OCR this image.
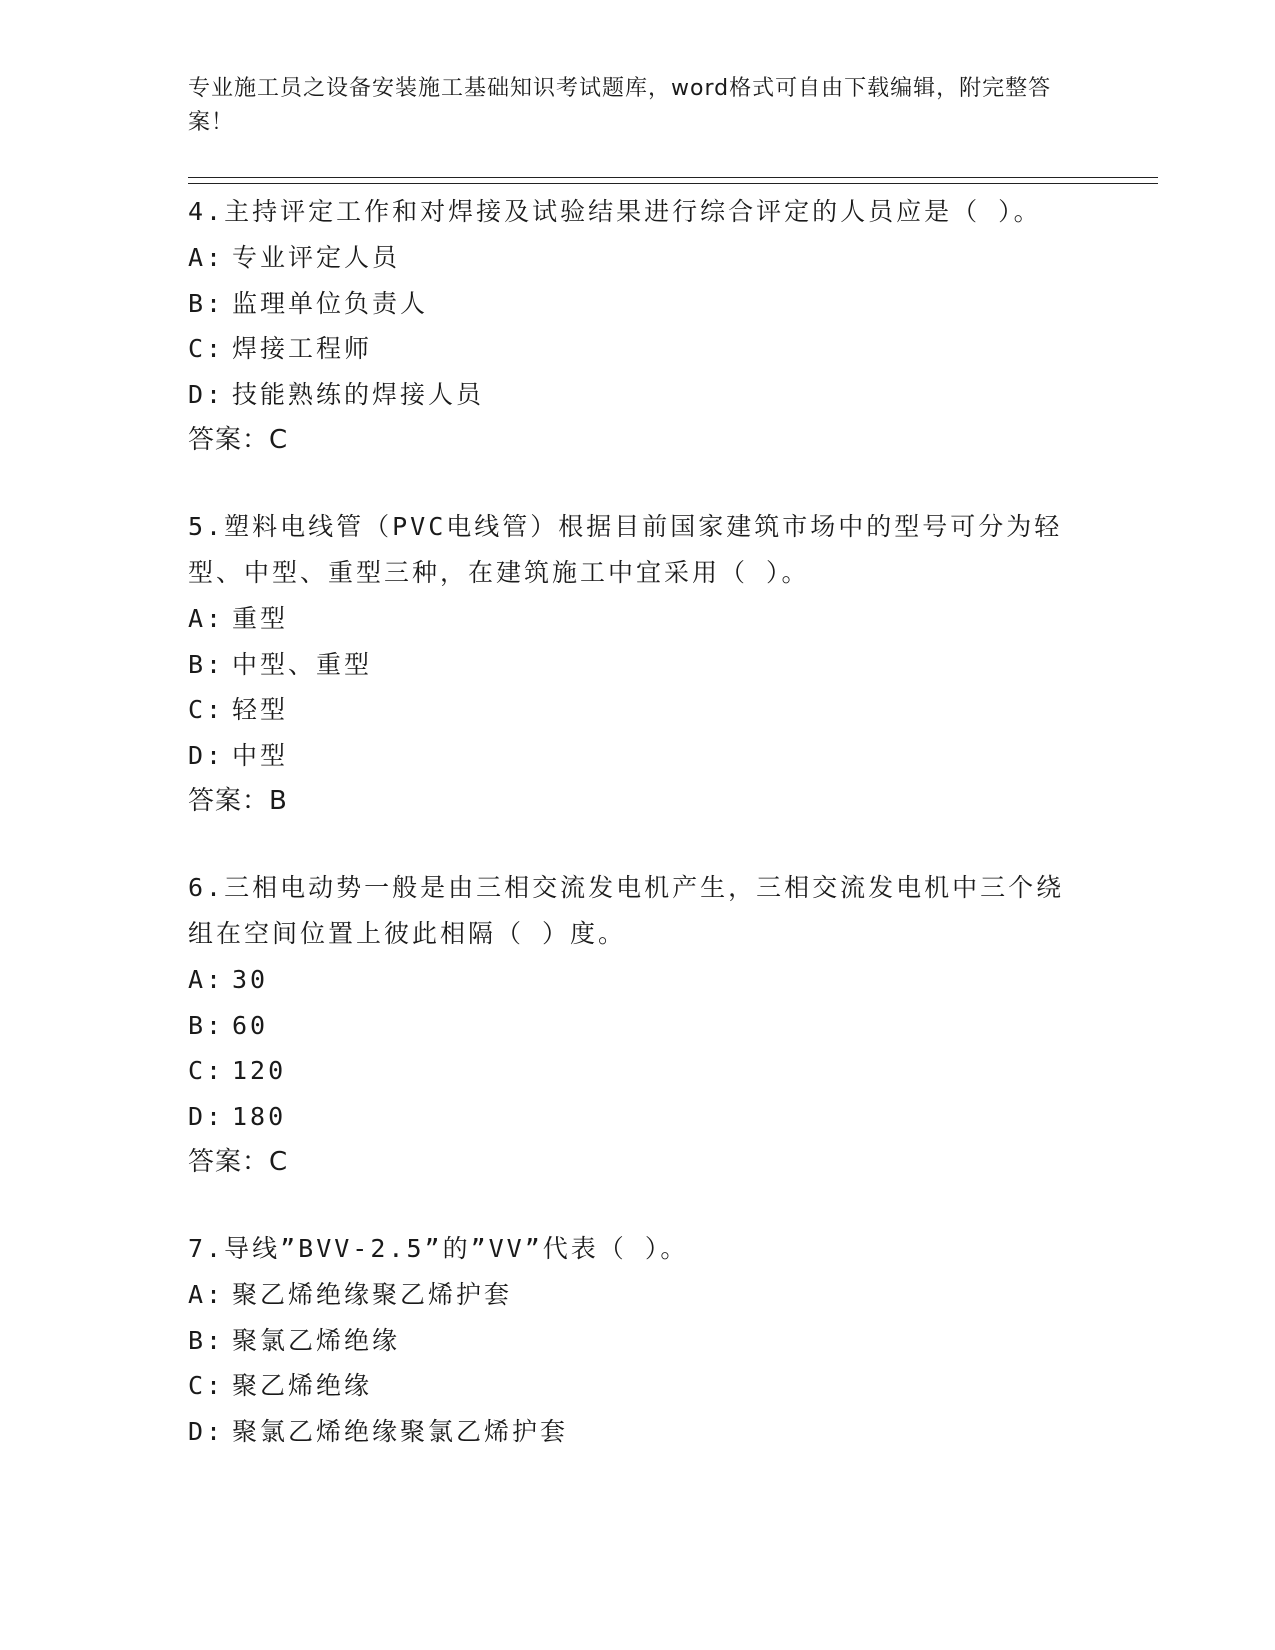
专业施工员之设备安装施工基础知识考试题库，word格式可自由下载编辑，附完整答案！

4.主持评定工作和对焊接及试验结果进行综合评定的人员应是（ ）。

A: 专业评定人员

B: 监理单位负责人

C: 焊接工程师

D: 技能熟练的焊接人员

答案：C

5.塑料电线管（PVC电线管）根据目前国家建筑市场中的型号可分为轻型、中型、重型三种，在建筑施工中宜采用（ ）。

A: 重型

B: 中型、重型

C: 轻型

D: 中型

答案：B

6.三相电动势一般是由三相交流发电机产生，三相交流发电机中三个绕组在空间位置上彼此相隔（ ）度。

A: 30

B: 60

C: 120

D: 180

答案：C

7.导线”BVV-2.5”的”VV”代表（ ）。

A: 聚乙烯绝缘聚乙烯护套

B: 聚氯乙烯绝缘

C: 聚乙烯绝缘

D: 聚氯乙烯绝缘聚氯乙烯护套
